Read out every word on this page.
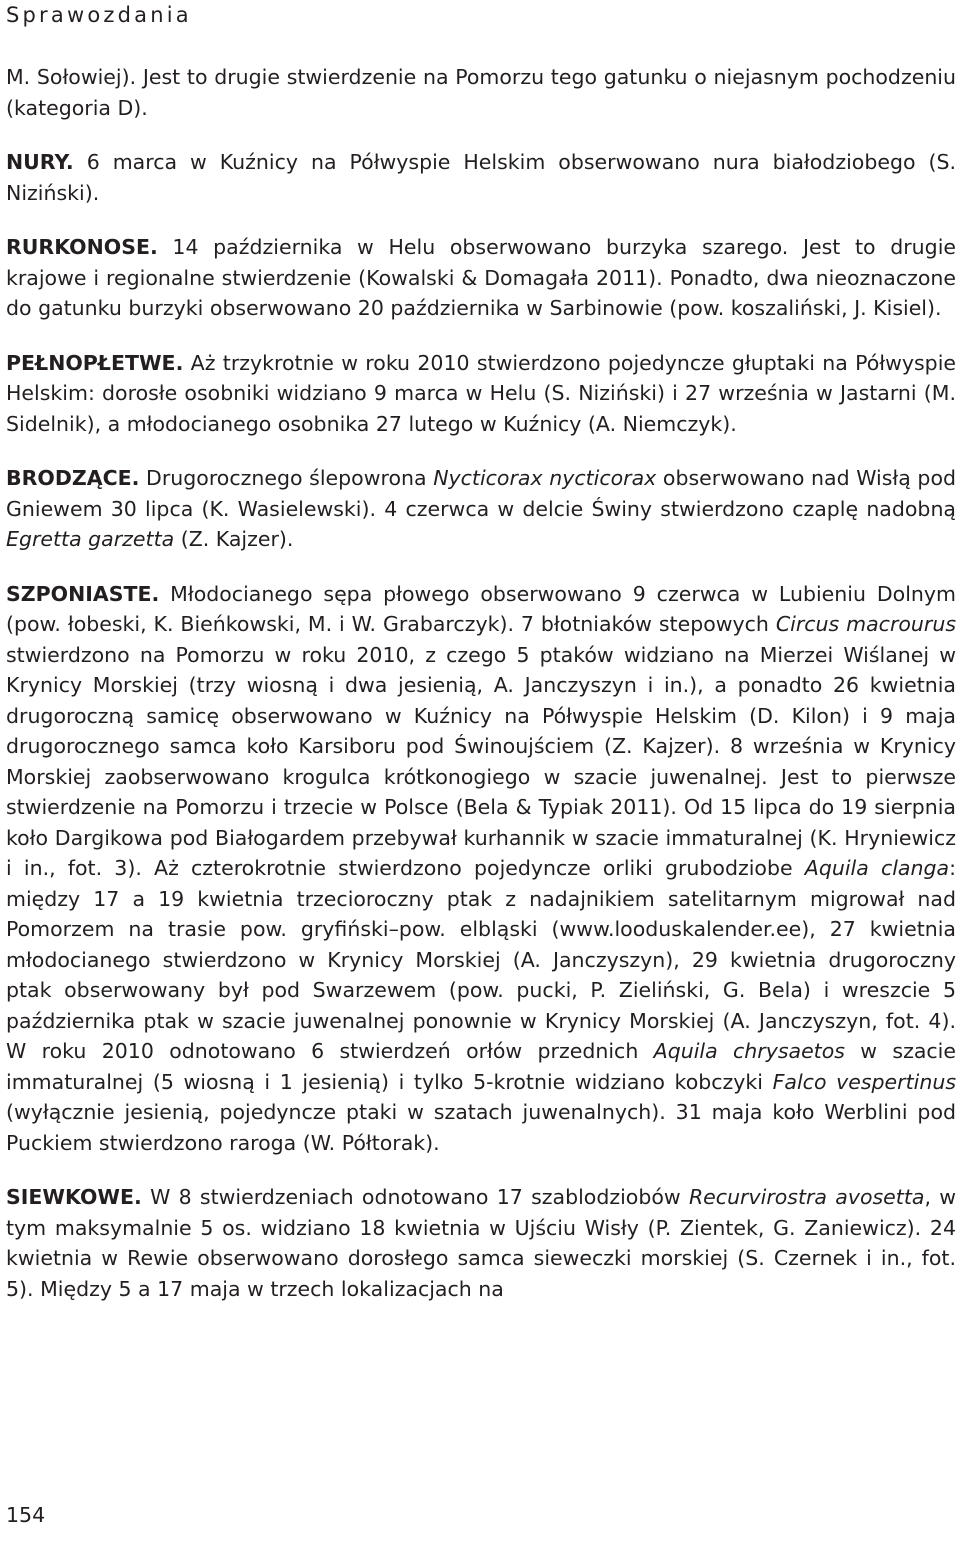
Sprawozdania

M. Sołowiej). Jest to drugie stwierdzenie na Pomorzu tego gatunku o niejasnym pochodzeniu (kategoria D).

NURY. 6 marca w Kuźnicy na Półwyspie Helskim obserwowano nura białodziobego (S. Niziński).

RURKONOSE. 14 października w Helu obserwowano burzyka szarego. Jest to drugie krajowe i regionalne stwierdzenie (Kowalski & Domagała 2011). Ponadto, dwa nieoznaczone do gatunku burzyki obserwowano 20 października w Sarbinowie (pow. koszaliński, J. Kisiel).

PEŁNOPŁETWE. Aż trzykrotnie w roku 2010 stwierdzono pojedyncze głuptaki na Półwyspie Helskim: dorosłe osobniki widziano 9 marca w Helu (S. Niziński) i 27 września w Jastarni (M. Sidelnik), a młodocianego osobnika 27 lutego w Kuźnicy (A. Niemczyk).

BRODZĄCE. Drugorocznego ślepowrona Nycticorax nycticorax obserwowano nad Wisłą pod Gniewem 30 lipca (K. Wasielewski). 4 czerwca w delcie Świny stwierdzono czaplę nadobną Egretta garzetta (Z. Kajzer).

SZPONIASTE. Młodocianego sępa płowego obserwowano 9 czerwca w Lubieniu Dolnym (pow. łobeski, K. Bieńkowski, M. i W. Grabarczyk). 7 błotniaków stepowych Circus macrourus stwierdzono na Pomorzu w roku 2010, z czego 5 ptaków widziano na Mierzei Wiślanej w Krynicy Morskiej (trzy wiosną i dwa jesienią, A. Janczyszyn i in.), a ponadto 26 kwietnia drugoroczną samicę obserwowano w Kuźnicy na Półwyspie Helskim (D. Kilon) i 9 maja drugorocznego samca koło Karsiboru pod Świnoujściem (Z. Kajzer). 8 września w Krynicy Morskiej zaobserwowano krogulca krótkonogiego w szacie juwenalnej. Jest to pierwsze stwierdzenie na Pomorzu i trzecie w Polsce (Bela & Typiak 2011). Od 15 lipca do 19 sierpnia koło Dargikowa pod Białogardem przebywał kurhannik w szacie immaturalnej (K. Hryniewicz i in., fot. 3). Aż czterokrotnie stwierdzono pojedyncze orliki grubodziobe Aquila clanga: między 17 a 19 kwietnia trzecioroczny ptak z nadajnikiem satelitarnym migrował nad Pomorzem na trasie pow. gryfiński–pow. elbląski (www.looduskalender.ee), 27 kwietnia młodocianego stwierdzono w Krynicy Morskiej (A. Janczyszyn), 29 kwietnia drugoroczny ptak obserwowany był pod Swarzewem (pow. pucki, P. Zieliński, G. Bela) i wreszcie 5 października ptak w szacie juwenalnej ponownie w Krynicy Morskiej (A. Janczyszyn, fot. 4). W roku 2010 odnotowano 6 stwierdzeń orłów przednich Aquila chrysaetos w szacie immaturalnej (5 wiosną i 1 jesienią) i tylko 5-krotnie widziano kobczyki Falco vespertinus (wyłącznie jesienią, pojedyncze ptaki w szatach juwenalnych). 31 maja koło Werblini pod Puckiem stwierdzono raroga (W. Półtorak).

SIEWKOWE. W 8 stwierdzeniach odnotowano 17 szablodziobów Recurvirostra avosetta, w tym maksymalnie 5 os. widziano 18 kwietnia w Ujściu Wisły (P. Zientek, G. Zaniewicz). 24 kwietnia w Rewie obserwowano dorosłego samca sieweczki morskiej (S. Czernek i in., fot. 5). Między 5 a 17 maja w trzech lokalizacjach na

154
